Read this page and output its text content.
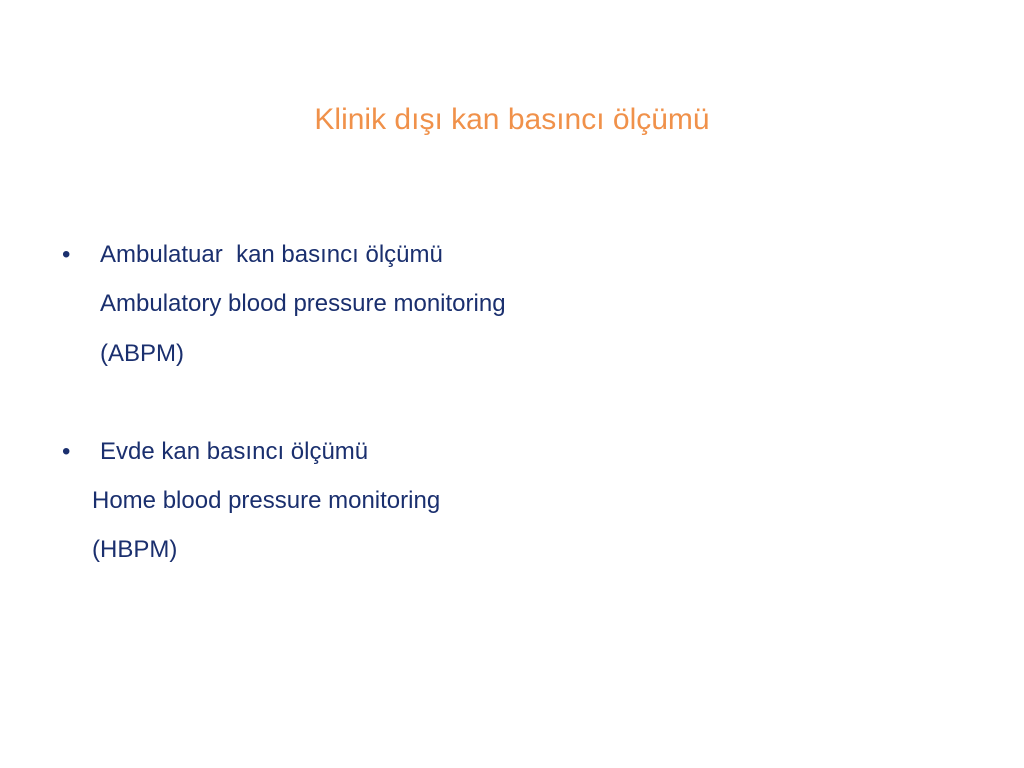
Klinik dışı kan basıncı ölçümü
• Ambulatuar  kan basıncı ölçümü
Ambulatory blood pressure monitoring
(ABPM)
• Evde kan basıncı ölçümü
Home blood pressure monitoring
(HBPM)
